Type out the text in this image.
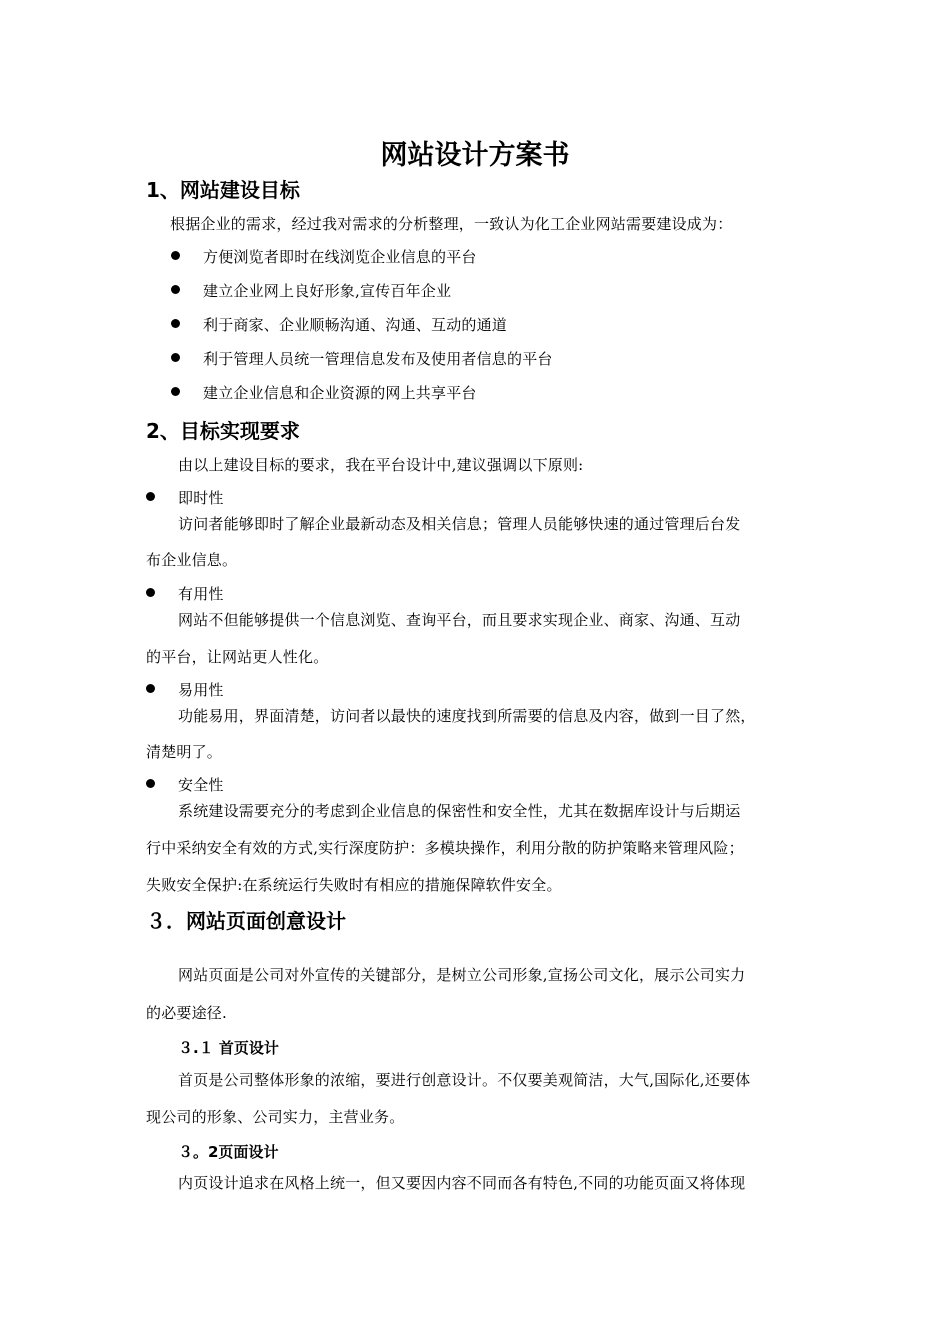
网站设计方案书
1、网站建设目标
根据企业的需求，经过我对需求的分析整理，一致认为化工企业网站需要建设成为：
方便浏览者即时在线浏览企业信息的平台
建立企业网上良好形象,宣传百年企业
利于商家、企业顺畅沟通、沟通、互动的通道
利于管理人员统一管理信息发布及使用者信息的平台
建立企业信息和企业资源的网上共享平台
2、目标实现要求
由以上建设目标的要求，我在平台设计中,建议强调以下原则:
即时性
访问者能够即时了解企业最新动态及相关信息；管理人员能够快速的通过管理后台发
布企业信息。
有用性
网站不但能够提供一个信息浏览、查询平台，而且要求实现企业、商家、沟通、互动
的平台，让网站更人性化。
易用性
功能易用，界面清楚，访问者以最快的速度找到所需要的信息及内容，做到一目了然，
清楚明了。
安全性
系统建设需要充分的考虑到企业信息的保密性和安全性，尤其在数据库设计与后期运
行中采纳安全有效的方式,实行深度防护：多模块操作，利用分散的防护策略来管理风险；
失败安全保护:在系统运行失败时有相应的措施保障软件安全。
３．网站页面创意设计
网站页面是公司对外宣传的关键部分，是树立公司形象,宣扬公司文化，展示公司实力
的必要途径.
３.１ 首页设计
首页是公司整体形象的浓缩，要进行创意设计。不仅要美观简洁，大气,国际化,还要体
现公司的形象、公司实力，主营业务。
３。2页面设计
内页设计追求在风格上统一，但又要因内容不同而各有特色,不同的功能页面又将体现
